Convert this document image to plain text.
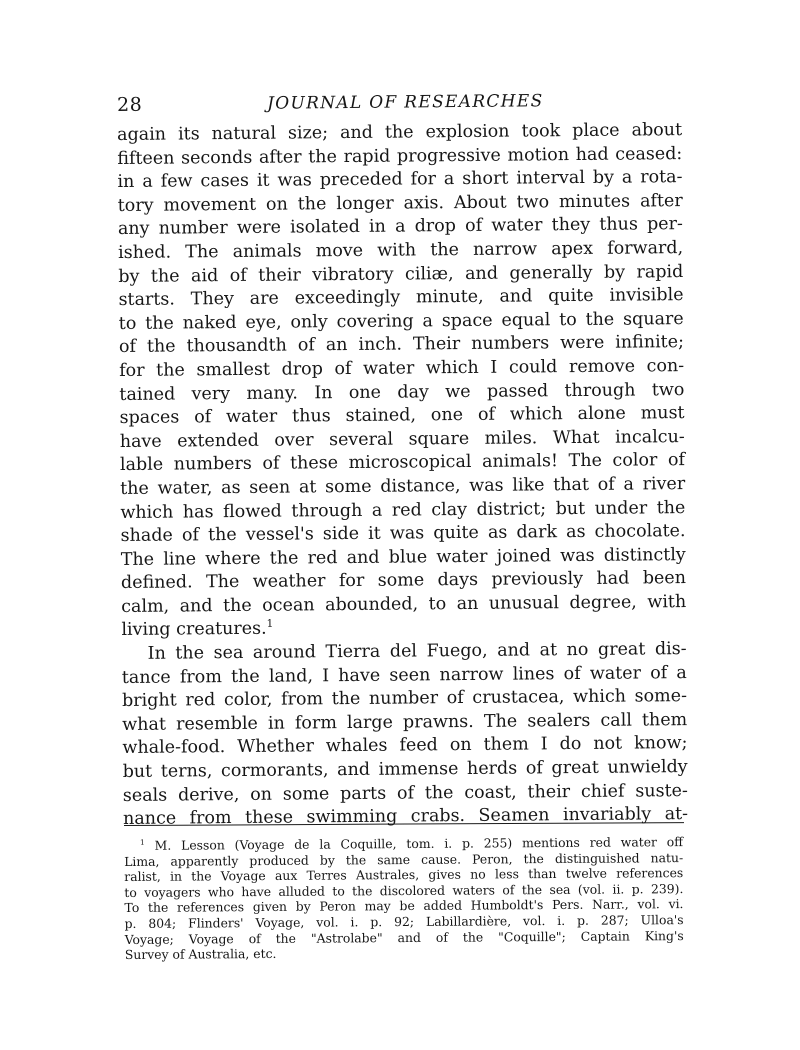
28	JOURNAL OF RESEARCHES
again its natural size; and the explosion took place about
fifteen seconds after the rapid progressive motion had ceased:
in a few cases it was preceded for a short interval by a rota-
tory movement on the longer axis. About two minutes after
any number were isolated in a drop of water they thus per-
ished. The animals move with the narrow apex forward,
by the aid of their vibratory ciliæ, and generally by rapid
starts. They are exceedingly minute, and quite invisible
to the naked eye, only covering a space equal to the square
of the thousandth of an inch. Their numbers were infinite;
for the smallest drop of water which I could remove con-
tained very many. In one day we passed through two
spaces of water thus stained, one of which alone must
have extended over several square miles. What incalcu-
lable numbers of these microscopical animals! The color of
the water, as seen at some distance, was like that of a river
which has flowed through a red clay district; but under the
shade of the vessel's side it was quite as dark as chocolate.
The line where the red and blue water joined was distinctly
defined. The weather for some days previously had been
calm, and the ocean abounded, to an unusual degree, with
living creatures.$^1$
In the sea around Tierra del Fuego, and at no great dis-
tance from the land, I have seen narrow lines of water of a
bright red color, from the number of crustacea, which some-
what resemble in form large prawns. The sealers call them
whale-food. Whether whales feed on them I do not know;
but terns, cormorants, and immense herds of great unwieldy
seals derive, on some parts of the coast, their chief suste-
nance from these swimming crabs. Seamen invariably at-
$^1$ M. Lesson (Voyage de la Coquille, tom. i. p. 255) mentions red water off
Lima, apparently produced by the same cause. Peron, the distinguished natu-
ralist, in the Voyage aux Terres Australes, gives no less than twelve references
to voyagers who have alluded to the discolored waters of the sea (vol. ii. p. 239).
To the references given by Peron may be added Humboldt's Pers. Narr., vol. vi.
p. 804; Flinders' Voyage, vol. i. p. 92; Labillardière, vol. i. p. 287; Ulloa's
Voyage; Voyage of the "Astrolabe" and of the "Coquille"; Captain King's
Survey of Australia, etc.
